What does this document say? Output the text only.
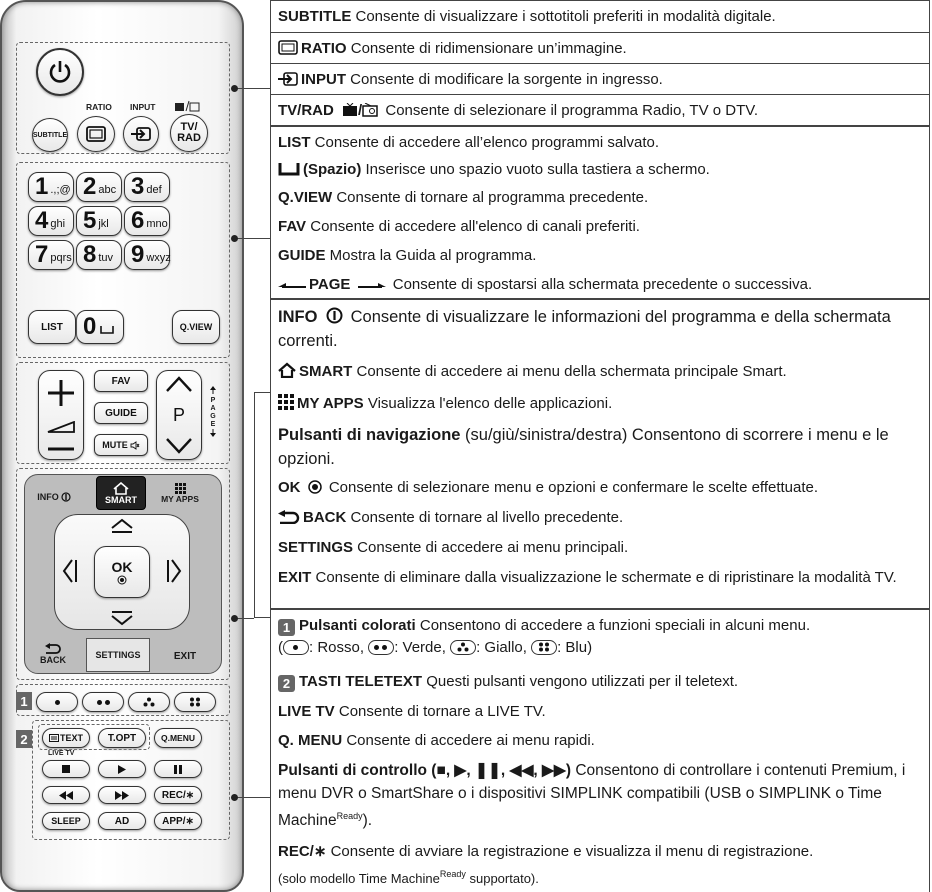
RATIO INPUT
SUBTITLE
TV/
RAD
1 .,;@ 2 abc 3 def
4 ghi 5 jkl 6 mno
7 pqrs 8 tuv 9 wxyz
0
LIST	Q.VIEW
FAV
GUIDE
MUTE
P
PAGE
INFO	SMART	MY APPS
OK
BACK	SETTINGS	EXIT
1
2	TEXT	T.OPT	Q.MENU
LIVE TV
REC/∗
SLEEP	AD	APP/∗
SUBTITLE Consente di visualizzare i sottotitoli preferiti in modalità digitale.
RATIO Consente di ridimensionare un’immagine.
INPUT Consente di modificare la sorgente in ingresso.
TV/RAD / Consente di selezionare il programma Radio, TV o DTV.
LIST Consente di accedere all’elenco programmi salvato.
(Spazio) Inserisce uno spazio vuoto sulla tastiera a schermo.
Q.VIEW Consente di tornare al programma precedente.
FAV Consente di accedere all'elenco di canali preferiti.
GUIDE Mostra la Guida al programma.
PAGE	Consente di spostarsi alla schermata precedente o successiva.
INFO  Consente di visualizzare le informazioni del programma e della schermata correnti.
SMART Consente di accedere ai menu della schermata principale Smart.
MY APPS Visualizza l'elenco delle applicazioni.
Pulsanti di navigazione (su/giù/sinistra/destra) Consentono di scorrere i menu e le opzioni.
OK  Consente di selezionare menu e opzioni e confermare le scelte effettuate.
BACK Consente di tornare al livello precedente.
SETTINGS Consente di accedere ai menu principali.
EXIT Consente di eliminare dalla visualizzazione le schermate e di ripristinare la modalità TV.
1 Pulsanti colorati Consentono di accedere a funzioni speciali in alcuni menu.
( : Rosso,
: Verde,
: Giallo,
: Blu)
2 TASTI TELETEXT Questi pulsanti vengono utilizzati per il teletext.
LIVE TV Consente di tornare a LIVE TV.
Q. MENU Consente di accedere ai menu rapidi.
Pulsanti di controllo (■, ▶, ❚❚, ◀◀, ▶▶) Consentono di controllare i contenuti Premium, i menu DVR o SmartShare o i dispositivi SIMPLINK compatibili (USB o SIMPLINK o Time Machine$^{Ready}$).
REC/∗ Consente di avviare la registrazione e visualizza il menu di registrazione.
(solo modello Time Machine$^{Ready}$ supportato).
